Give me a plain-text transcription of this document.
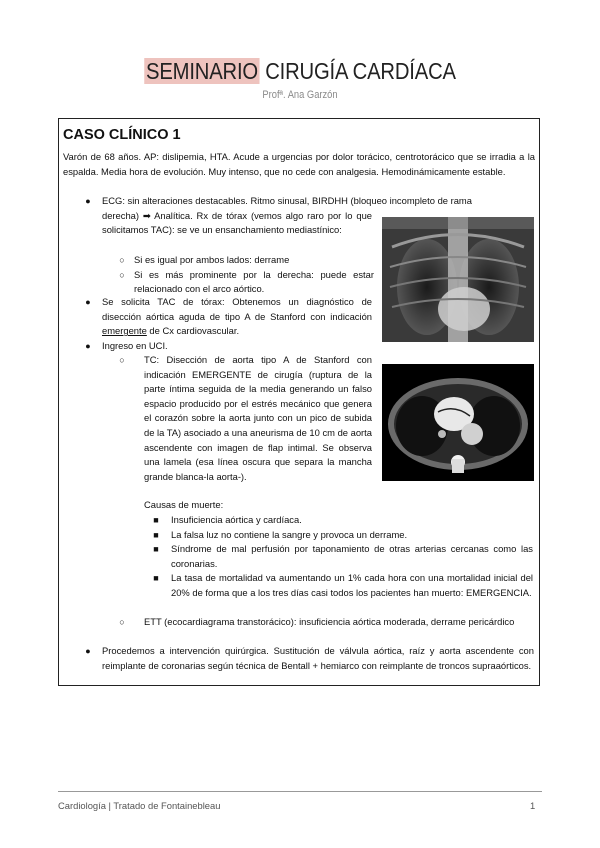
SEMINARIO CIRUGÍA CARDÍACA
Profª. Ana Garzón
CASO CLÍNICO 1
Varón de 68 años. AP: dislipemia, HTA. Acude a urgencias por dolor torácico, centrotorácico que se irradia a la espalda. Media hora de evolución. Muy intenso, que no cede con analgesia. Hemodinámicamente estable.
● ECG: sin alteraciones destacables. Ritmo sinusal, BIRDHH (bloqueo incompleto de rama
derecha) ➡ Analítica. Rx de tórax (vemos algo raro por lo que solicitamos TAC): se ve un ensanchamiento mediastínico:
○ Si es igual por ambos lados: derrame
○ Si es más prominente por la derecha: puede estar relacionado con el arco aórtico.
● Se solicita TAC de tórax: Obtenemos un diagnóstico de disección aórtica aguda de tipo A de Stanford con indicación emergente de Cx cardiovascular.
● Ingreso en UCI.
○ TC: Disección de aorta tipo A de Stanford con indicación EMERGENTE de cirugía (ruptura de la parte íntima seguida de la media generando un falso espacio producido por el estrés mecánico que genera el corazón sobre la aorta junto con un pico de subida de la TA) asociado a una aneurisma de 10 cm de aorta ascendente con imagen de flap intimal. Se observa una lamela (esa línea oscura que separa la mancha grande blanca-la aorta-).
Causas de muerte:
■ Insuficiencia aórtica y cardíaca.
■ La falsa luz no contiene la sangre y provoca un derrame.
■ Síndrome de mal perfusión por taponamiento de otras arterias cercanas como las coronarias.
■ La tasa de mortalidad va aumentando un 1% cada hora con una mortalidad inicial del 20% de forma que a los tres días casi todos los pacientes han muerto: EMERGENCIA.
○ ETT (ecocardiagrama transtorácico): insuficiencia aórtica moderada, derrame pericárdico
● Procedemos a intervención quirúrgica. Sustitución de válvula aórtica, raíz y aorta ascendente con reimplante de coronarias según técnica de Bentall + hemiarco con reimplante de troncos supraaórticos.
Cardiología | Tratado de Fontainebleau	1
